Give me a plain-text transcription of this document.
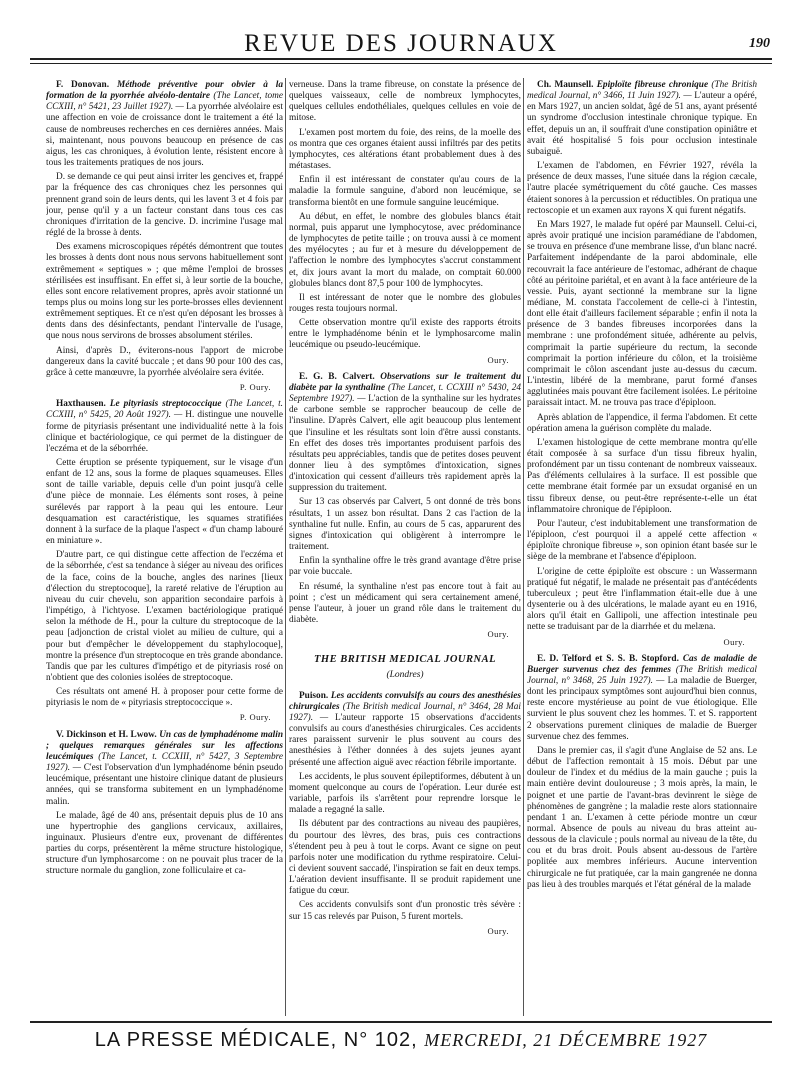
REVUE DES JOURNAUX	190

F. Donovan. Méthode préventive pour obvier à la formation de la pyorrhée alvéolo-dentaire (The Lancet, tome CCXIII, n° 5421, 23 Juillet 1927). — La pyorrhée alvéolaire est une affection en voie de croissance dont le traitement a été la cause de nombreuses recherches en ces dernières années. Mais si, maintenant, nous pouvons beaucoup en présence de cas aigus, les cas chroniques, à évolution lente, résistent encore à tous les traitements pratiques de nos jours.

D. se demande ce qui peut ainsi irriter les gencives et, frappé par la fréquence des cas chroniques chez les personnes qui prennent grand soin de leurs dents, qui les lavent 3 et 4 fois par jour, pense qu'il y a un facteur constant dans tous ces cas chroniques d'irritation de la gencive. D. incrimine l'usage mal réglé de la brosse à dents.

Des examens microscopiques répétés démontrent que toutes les brosses à dents dont nous nous servons habituellement sont extrêmement « septiques » ; que même l'emploi de brosses stérilisées est insuffisant. En effet si, à leur sortie de la bouche, elles sont encore relativement propres, après avoir stationné un temps plus ou moins long sur les porte-brosses elles deviennent extrêmement septiques. Et ce n'est qu'en déposant les brosses à dents dans des désinfectants, pendant l'intervalle de l'usage, que nous nous servirons de brosses absolument stériles.

Ainsi, d'après D., éviterons-nous l'apport de microbe dangereux dans la cavité buccale ; et dans 90 pour 100 des cas, grâce à cette manœuvre, la pyorrhée alvéolaire sera évitée.

P. Oury.

Haxthausen. Le pityriasis streptococcique (The Lancet, t. CCXIII, n° 5425, 20 Août 1927). — H. distingue une nouvelle forme de pityriasis présentant une individualité nette à la fois clinique et bactériologique, ce qui permet de la distinguer de l'eczéma et de la séborrhée.

Cette éruption se présente typiquement, sur le visage d'un enfant de 12 ans, sous la forme de plaques squameuses. Elles sont de taille variable, depuis celle d'un point jusqu'à celle d'une pièce de monnaie. Les éléments sont roses, à peine surélevés par rapport à la peau qui les entoure. Leur desquamation est caractéristique, les squames stratifiées donnent à la surface de la plaque l'aspect « d'un champ labouré en miniature ».

D'autre part, ce qui distingue cette affection de l'eczéma et de la séborrhée, c'est sa tendance à siéger au niveau des orifices de la face, coins de la bouche, angles des narines [lieux d'élection du streptocoque], la rareté relative de l'éruption au niveau du cuir chevelu, son apparition secondaire parfois à l'impétigo, à l'ichtyose. L'examen bactériologique pratiqué selon la méthode de H., pour la culture du streptocoque de la peau [adjonction de cristal violet au milieu de culture, qui a pour but d'empêcher le développement du staphylocoque], montre la présence d'un streptocoque en très grande abondance. Tandis que par les cultures d'impétigo et de pityriasis rosé on n'obtient que des colonies isolées de streptocoque.

Ces résultats ont amené H. à proposer pour cette forme de pityriasis le nom de « pityriasis streptococcique ».

P. Oury.

V. Dickinson et H. Lwow. Un cas de lymphadénome malin ; quelques remarques générales sur les affections leucémiques (The Lancet, t. CCXIII, n° 5427, 3 Septembre 1927). — C'est l'observation d'un lymphadénome bénin pseudo leucémique, présentant une histoire clinique datant de plusieurs années, qui se transforma subitement en un lymphadénome malin.

Le malade, âgé de 40 ans, présentait depuis plus de 10 ans une hypertrophie des ganglions cervicaux, axillaires, inguinaux. Plusieurs d'entre eux, provenant de différentes parties du corps, présentèrent la même structure histologique, structure d'un lymphosarcome : on ne pouvait plus tracer de la structure normale du ganglion, zone folliculaire et ca-

verneuse. Dans la trame fibreuse, on constate la présence de quelques vaisseaux, celle de nombreux lymphocytes, quelques cellules endothéliales, quelques cellules en voie de mitose.

L'examen post mortem du foie, des reins, de la moelle des os montra que ces organes étaient aussi infiltrés par des petits lymphocytes, ces altérations étant probablement dues à des métastases.

Enfin il est intéressant de constater qu'au cours de la maladie la formule sanguine, d'abord non leucémique, se transforma bientôt en une formule sanguine leucémique.

Au début, en effet, le nombre des globules blancs était normal, puis apparut une lymphocytose, avec prédominance de lymphocytes de petite taille ; on trouva aussi à ce moment des myélocytes ; au fur et à mesure du développement de l'affection le nombre des lymphocytes s'accrut constamment et, dix jours avant la mort du malade, on comptait 60.000 globules blancs dont 87,5 pour 100 de lymphocytes.

Il est intéressant de noter que le nombre des globules rouges resta toujours normal.

Cette observation montre qu'il existe des rapports étroits entre le lymphadénome bénin et le lymphosarcome malin leucémique ou pseudo-leucémique.

Oury.

E. G. B. Calvert. Observations sur le traitement du diabète par la synthaline (The Lancet, t. CCXIII n° 5430, 24 Septembre 1927). — L'action de la synthaline sur les hydrates de carbone semble se rapprocher beaucoup de celle de l'insuline. D'après Calvert, elle agit beaucoup plus lentement que l'insuline et les résultats sont loin d'être aussi constants. En effet des doses très importantes produisent parfois des résultats peu appréciables, tandis que de petites doses peuvent donner lieu à des symptômes d'intoxication, signes d'intoxication qui cessent d'ailleurs très rapidement après la suppression du traitement.

Sur 13 cas observés par Calvert, 5 ont donné de très bons résultats, 1 un assez bon résultat. Dans 2 cas l'action de la synthaline fut nulle. Enfin, au cours de 5 cas, apparurent des signes d'intoxication qui obligèrent à interrompre le traitement.

Enfin la synthaline offre le très grand avantage d'être prise par voie buccale.

En résumé, la synthaline n'est pas encore tout à fait au point ; c'est un médicament qui sera certainement amené, pense l'auteur, à jouer un grand rôle dans le traitement du diabète.

Oury.
THE BRITISH MEDICAL JOURNAL
(Londres)

Puison. Les accidents convulsifs au cours des anesthésies chirurgicales (The British medical Journal, n° 3464, 28 Mai 1927). — L'auteur rapporte 15 observations d'accidents convulsifs au cours d'anesthésies chirurgicales. Ces accidents rares paraissent survenir le plus souvent au cours des anesthésies à l'éther données à des sujets jeunes ayant présenté une affection aiguë avec réaction fébrile importante.

Les accidents, le plus souvent épileptiformes, débutent à un moment quelconque au cours de l'opération. Leur durée est variable, parfois ils s'arrêtent pour reprendre lorsque le malade a regagné la salle.

Ils débutent par des contractions au niveau des paupières, du pourtour des lèvres, des bras, puis ces contractions s'étendent peu à peu à tout le corps. Avant ce signe on peut parfois noter une modification du rythme respiratoire. Celui-ci devient souvent saccadé, l'inspiration se fait en deux temps. L'aération devient insuffisante. Il se produit rapidement une fatigue du cœur.

Ces accidents convulsifs sont d'un pronostic très sévère : sur 15 cas relevés par Puison, 5 furent mortels.

Oury.

Ch. Maunsell. Épiploïte fibreuse chronique (The British medical Journal, n° 3466, 11 Juin 1927). — L'auteur a opéré, en Mars 1927, un ancien soldat, âgé de 51 ans, ayant présenté un syndrome d'occlusion intestinale chronique typique. En effet, depuis un an, il souffrait d'une constipation opiniâtre et avait été hospitalisé 5 fois pour occlusion intestinale subaiguë.

L'examen de l'abdomen, en Février 1927, révéla la présence de deux masses, l'une située dans la région cæcale, l'autre placée symétriquement du côté gauche. Ces masses étaient sonores à la percussion et réductibles. On pratiqua une rectoscopie et un examen aux rayons X qui furent négatifs.

En Mars 1927, le malade fut opéré par Maunsell. Celui-ci, après avoir pratiqué une incision paramédiane de l'abdomen, se trouva en présence d'une membrane lisse, d'un blanc nacré. Parfaitement indépendante de la paroi abdominale, elle recouvrait la face antérieure de l'estomac, adhérant de chaque côté au péritoine pariétal, et en avant à la face antérieure de la vessie. Puis, ayant sectionné la membrane sur la ligne médiane, M. constata l'accolement de celle-ci à l'intestin, dont elle était d'ailleurs facilement séparable ; enfin il nota la présence de 3 bandes fibreuses incorporées dans la membrane : une profondément située, adhérente au pelvis, comprimait la partie supérieure du rectum, la seconde comprimait la portion inférieure du côlon, et la troisième comprimait le côlon ascendant juste au-dessus du cæcum. L'intestin, libéré de la membrane, parut formé d'anses agglutinées mais pouvant être facilement isolées. Le péritoine paraissait intact. M. ne trouva pas trace d'épiploon.

Après ablation de l'appendice, il ferma l'abdomen. Et cette opération amena la guérison complète du malade.

L'examen histologique de cette membrane montra qu'elle était composée à sa surface d'un tissu fibreux hyalin, profondément par un tissu contenant de nombreux vaisseaux. Pas d'éléments cellulaires à la surface. Il est possible que cette membrane était formée par un exsudat organisé en un tissu fibreux dense, ou peut-être représente-t-elle un état inflammatoire chronique de l'épiploon.

Pour l'auteur, c'est indubitablement une transformation de l'épiploon, c'est pourquoi il a appelé cette affection « épiploïte chronique fibreuse », son opinion étant basée sur le siège de la membrane et l'absence d'épiploon.

L'origine de cette épiploïte est obscure : un Wassermann pratiqué fut négatif, le malade ne présentait pas d'antécédents tuberculeux ; peut être l'inflammation était-elle due à une dysenterie ou à des ulcérations, le malade ayant eu en 1916, alors qu'il était en Gallipoli, une affection intestinale peu nette se traduisant par de la diarrhée et du melæna.

Oury.

E. D. Telford et S. S. B. Stopford. Cas de maladie de Buerger survenus chez des femmes (The British medical Journal, n° 3468, 25 Juin 1927). — La maladie de Buerger, dont les principaux symptômes sont aujourd'hui bien connus, reste encore mystérieuse au point de vue étiologique. Elle survient le plus souvent chez les hommes. T. et S. rapportent 2 observations purement cliniques de maladie de Buerger survenue chez des femmes.

Dans le premier cas, il s'agit d'une Anglaise de 52 ans. Le début de l'affection remontait à 15 mois. Début par une douleur de l'index et du médius de la main gauche ; puis la main entière devint douloureuse ; 3 mois après, la main, le poignet et une partie de l'avant-bras devinrent le siège de phénomènes de gangrène ; la maladie reste alors stationnaire pendant 1 an. L'examen à cette période montre un cœur normal. Absence de pouls au niveau du bras atteint au-dessous de la clavicule ; pouls normal au niveau de la tête, du cou et du bras droit. Pouls absent au-dessous de l'artère poplitée aux membres inférieurs. Aucune intervention chirurgicale ne fut pratiquée, car la main gangrenée ne donna pas lieu à des troubles marqués et l'état général de la malade

LA PRESSE MÉDICALE, N° 102, MERCREDI, 21 DÉCEMBRE 1927
